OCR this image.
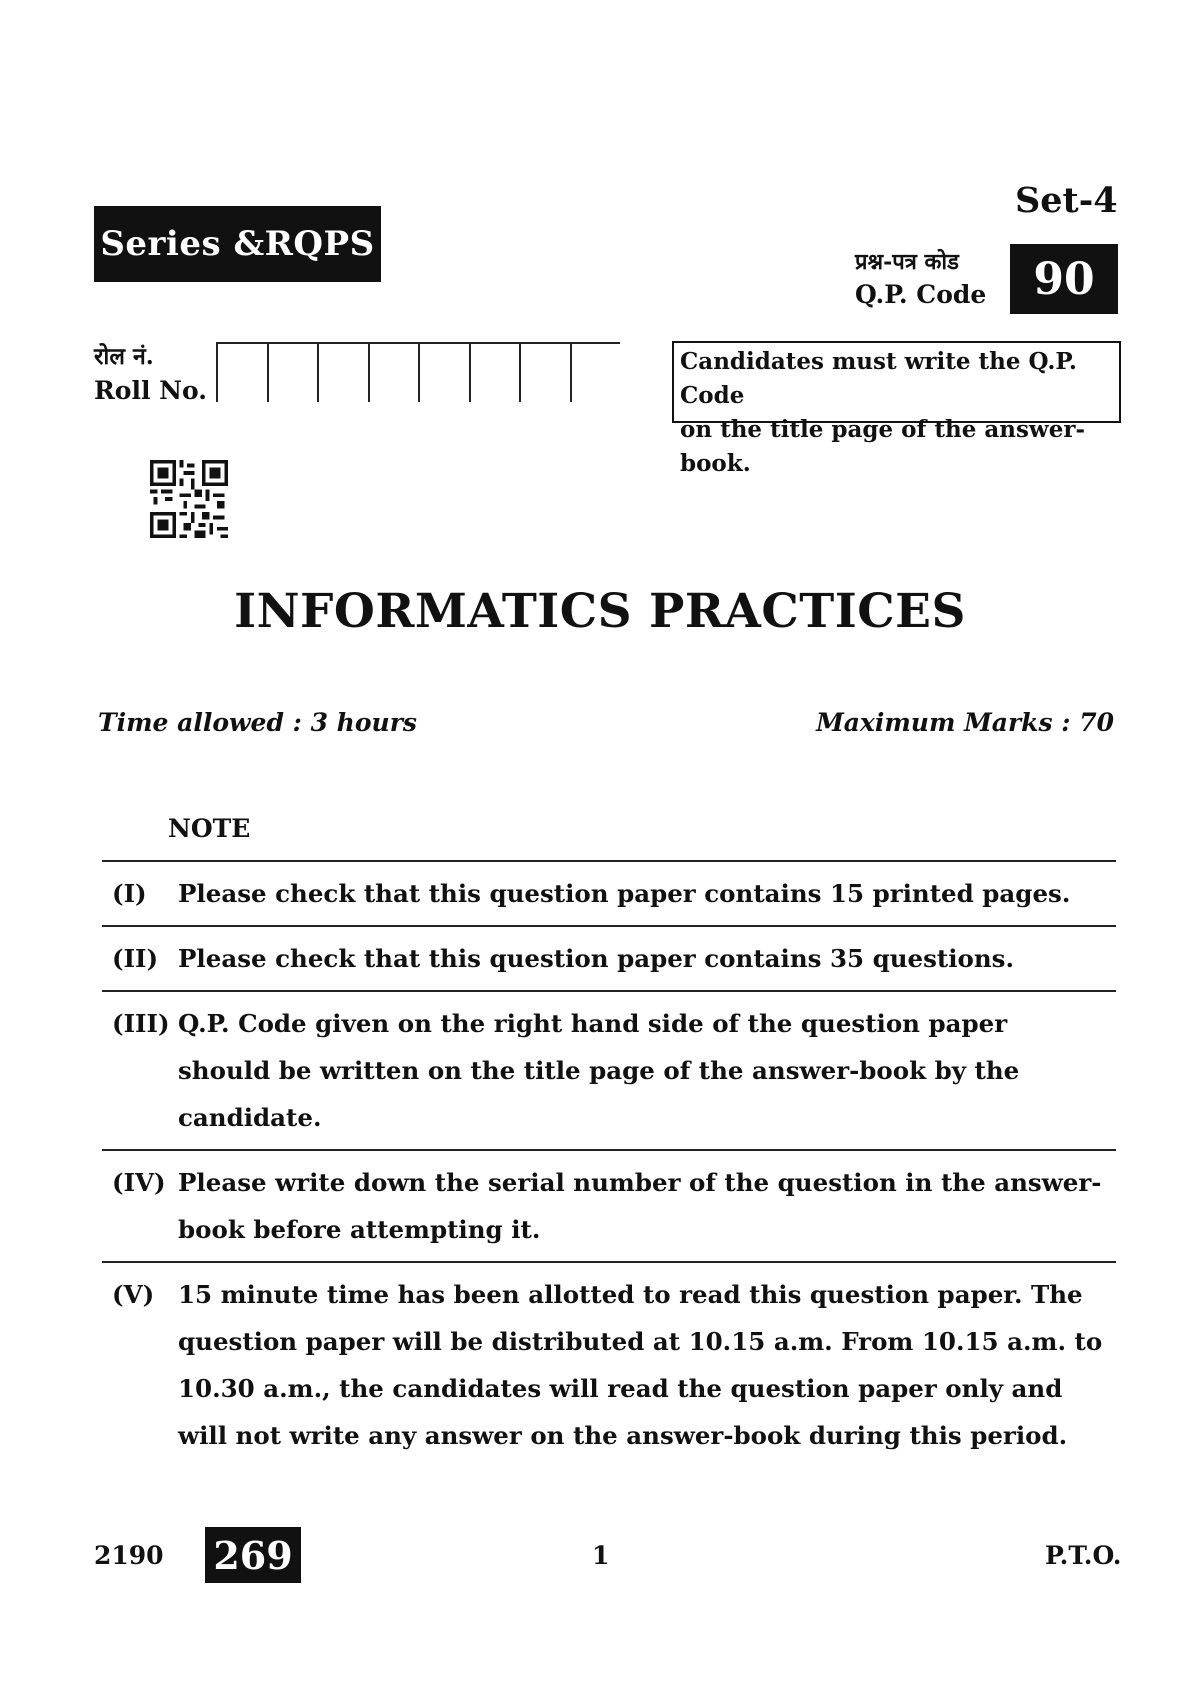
Series &RQPS
Set-4
प्रश्न-पत्र कोड
Q.P. Code	90
रोल नं.
Roll No.
Candidates must write the Q.P. Code
on the title page of the answer-book.
INFORMATICS PRACTICES
Time allowed : 3 hours	Maximum Marks : 70
NOTE
(I)	Please check that this question paper contains 15 printed pages.
(II) Please check that this question paper contains 35 questions.
(III) Q.P. Code given on the right hand side of the question paper should be written on the title page of the answer-book by the candidate.
(IV) Please write down the serial number of the question in the answer-book before attempting it.
(V) 15 minute time has been allotted to read this question paper. The question paper will be distributed at 10.15 a.m. From 10.15 a.m. to 10.30 a.m., the candidates will read the question paper only and will not write any answer on the answer-book during this period.
2190 269	1	P.T.O.
